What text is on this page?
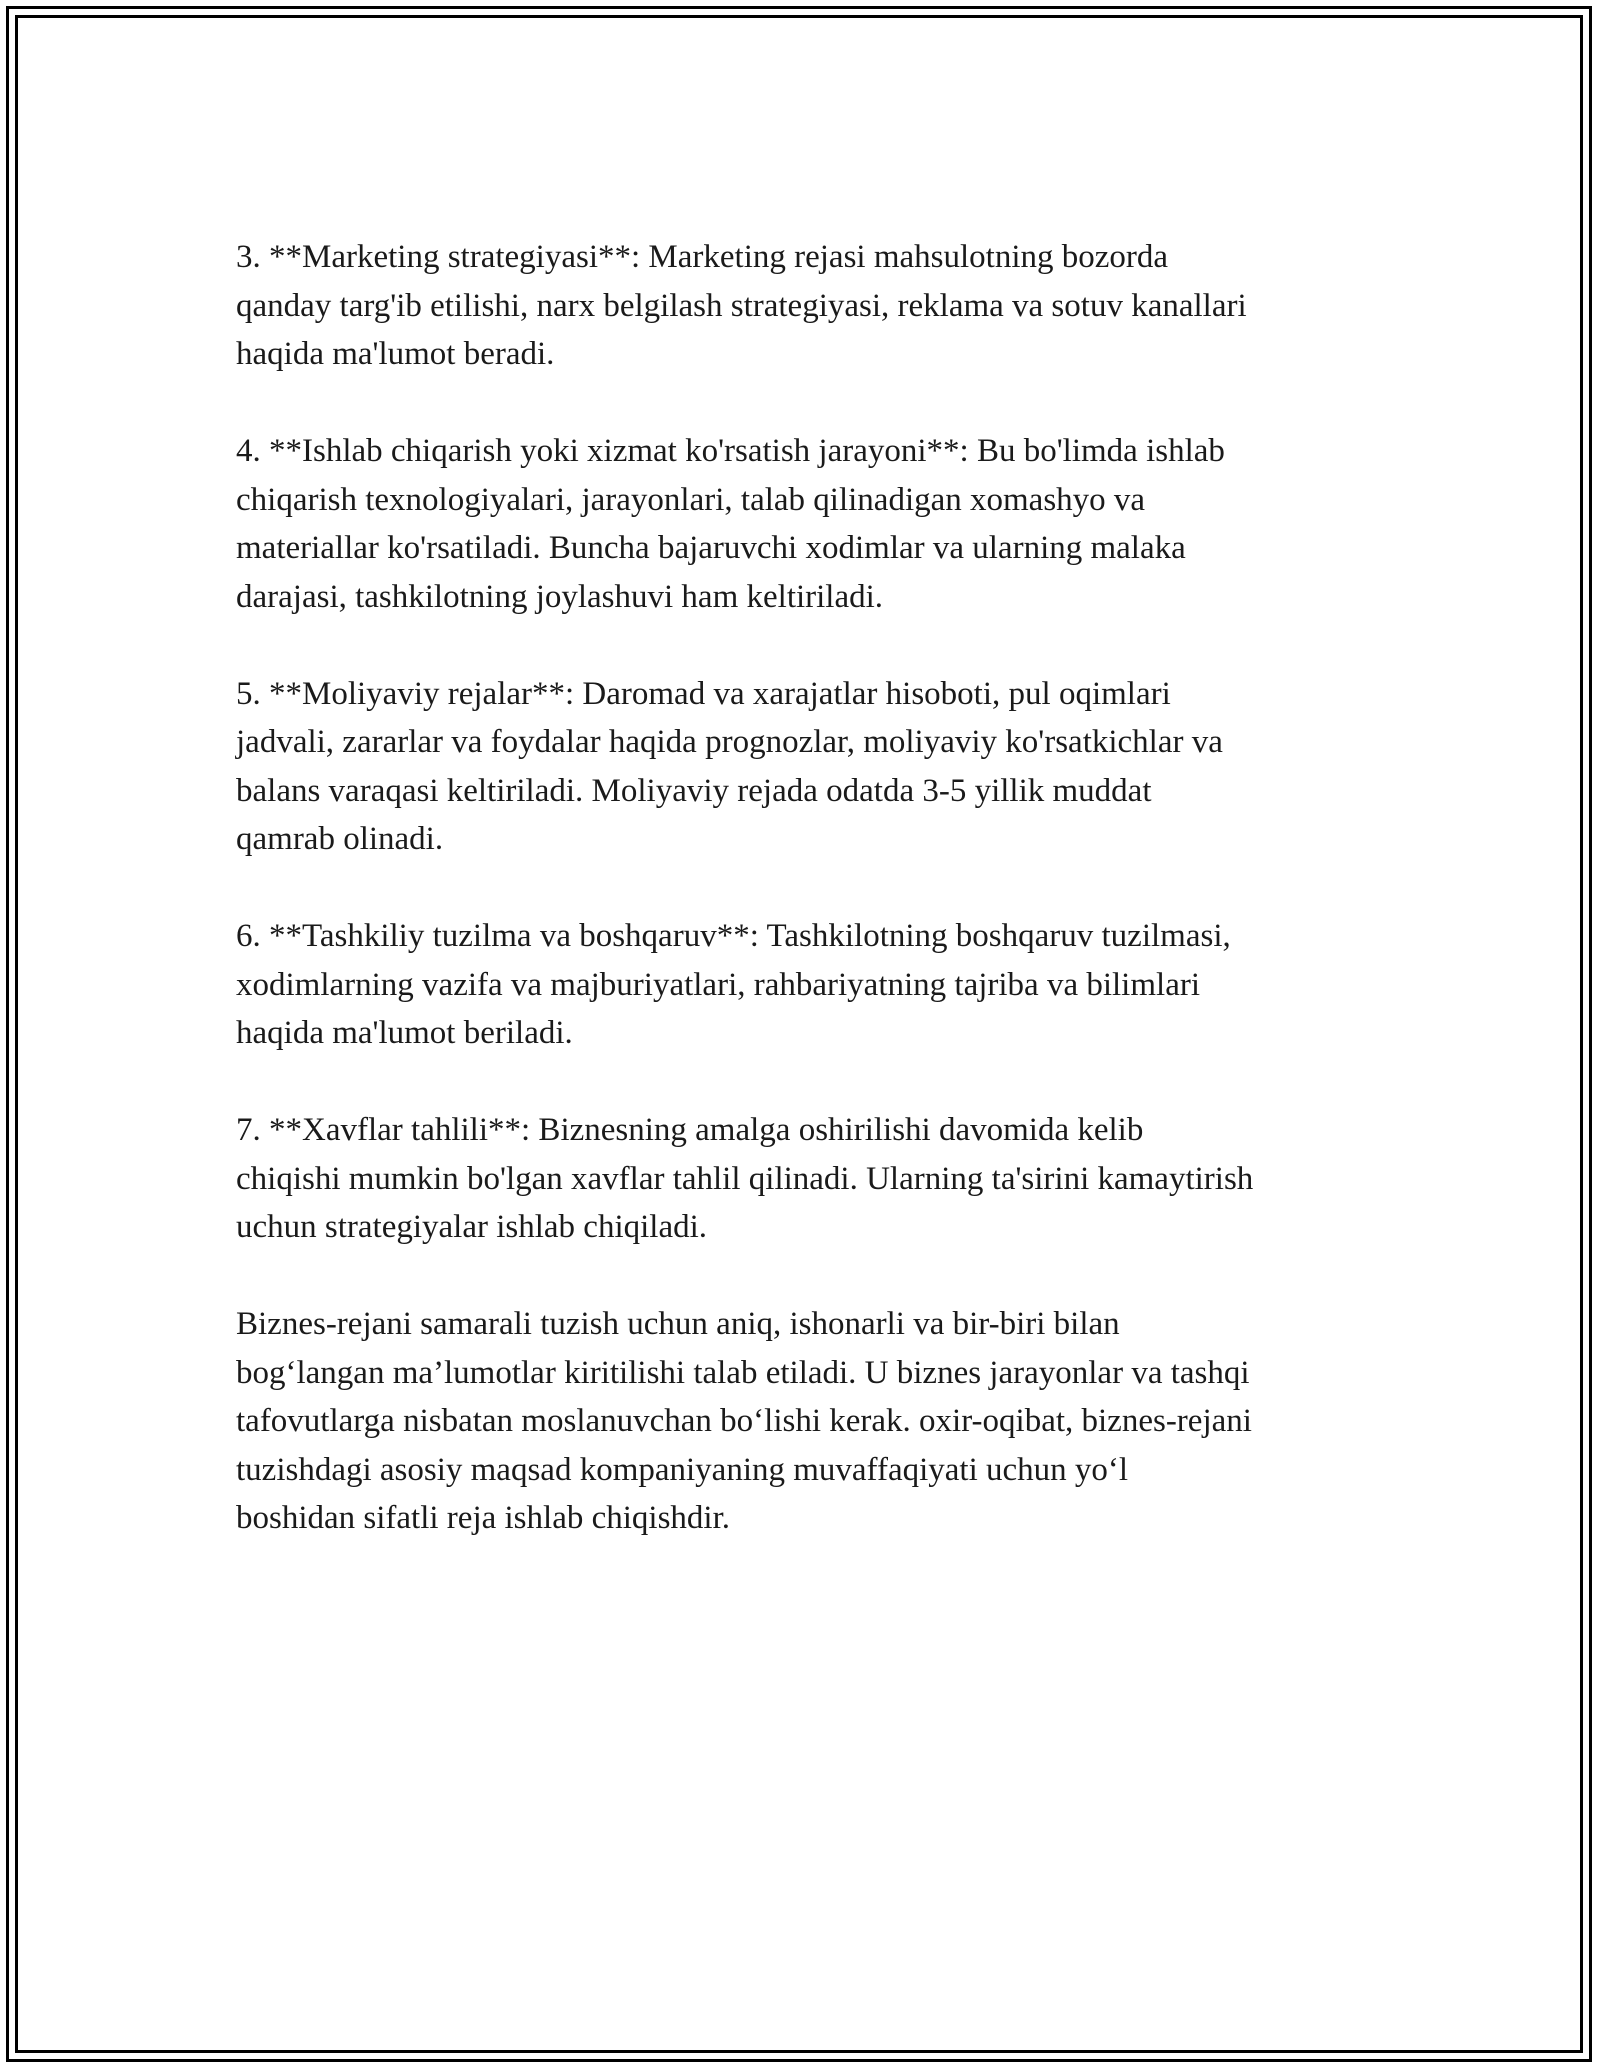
3. **Marketing strategiyasi**: Marketing rejasi mahsulotning bozorda
qanday targ'ib etilishi, narx belgilash strategiyasi, reklama va sotuv kanallari
haqida ma'lumot beradi.

4. **Ishlab chiqarish yoki xizmat ko'rsatish jarayoni**: Bu bo'limda ishlab
chiqarish texnologiyalari, jarayonlari, talab qilinadigan xomashyo va
materiallar ko'rsatiladi. Buncha bajaruvchi xodimlar va ularning malaka
darajasi, tashkilotning joylashuvi ham keltiriladi.

5. **Moliyaviy rejalar**: Daromad va xarajatlar hisoboti, pul oqimlari
jadvali, zararlar va foydalar haqida prognozlar, moliyaviy ko'rsatkichlar va
balans varaqasi keltiriladi. Moliyaviy rejada odatda 3-5 yillik muddat
qamrab olinadi.

6. **Tashkiliy tuzilma va boshqaruv**: Tashkilotning boshqaruv tuzilmasi,
xodimlarning vazifa va majburiyatlari, rahbariyatning tajriba va bilimlari
haqida ma'lumot beriladi.

7. **Xavflar tahlili**: Biznesning amalga oshirilishi davomida kelib
chiqishi mumkin bo'lgan xavflar tahlil qilinadi. Ularning ta'sirini kamaytirish
uchun strategiyalar ishlab chiqiladi.

Biznes-rejani samarali tuzish uchun aniq, ishonarli va bir-biri bilan
bog‘langan ma’lumotlar kiritilishi talab etiladi. U biznes jarayonlar va tashqi
tafovutlarga nisbatan moslanuvchan bo‘lishi kerak. oxir-oqibat, biznes-rejani
tuzishdagi asosiy maqsad kompaniyaning muvaffaqiyati uchun yo‘l
boshidan sifatli reja ishlab chiqishdir.
